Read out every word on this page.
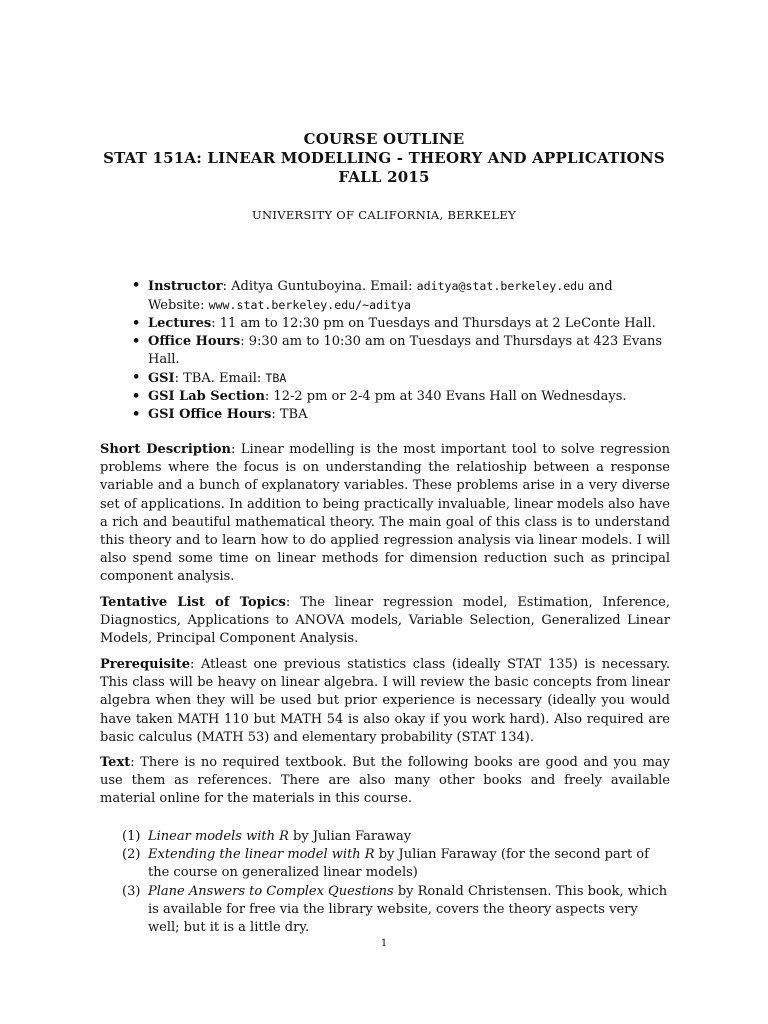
COURSE OUTLINE
STAT 151A: LINEAR MODELLING - THEORY AND APPLICATIONS
FALL 2015
UNIVERSITY OF CALIFORNIA, BERKELEY
• Instructor: Aditya Guntuboyina. Email: aditya@stat.berkeley.edu and Website: www.stat.berkeley.edu/~aditya
• Lectures: 11 am to 12:30 pm on Tuesdays and Thursdays at 2 LeConte Hall.
• Office Hours: 9:30 am to 10:30 am on Tuesdays and Thursdays at 423 Evans Hall.
• GSI: TBA. Email: TBA
• GSI Lab Section: 12-2 pm or 2-4 pm at 340 Evans Hall on Wednesdays.
• GSI Office Hours: TBA

Short Description: Linear modelling is the most important tool to solve regression problems where the focus is on understanding the relatioship between a response variable and a bunch of explanatory variables. These problems arise in a very diverse set of applications. In addition to being practically invaluable, linear models also have a rich and beautiful mathematical theory. The main goal of this class is to understand this theory and to learn how to do applied regression analysis via linear models. I will also spend some time on linear methods for dimension reduction such as principal component analysis.

Tentative List of Topics: The linear regression model, Estimation, Inference, Diagnostics, Applications to ANOVA models, Variable Selection, Generalized Linear Models, Principal Component Analysis.

Prerequisite: Atleast one previous statistics class (ideally STAT 135) is necessary. This class will be heavy on linear algebra. I will review the basic concepts from linear algebra when they will be used but prior experience is necessary (ideally you would have taken MATH 110 but MATH 54 is also okay if you work hard). Also required are basic calculus (MATH 53) and elementary probability (STAT 134).

Text: There is no required textbook. But the following books are good and you may use them as references. There are also many other books and freely available material online for the materials in this course.

(1) Linear models with R by Julian Faraway
(2) Extending the linear model with R by Julian Faraway (for the second part of the course on generalized linear models)
(3) Plane Answers to Complex Questions by Ronald Christensen. This book, which is available for free via the library website, covers the theory aspects very well; but it is a little dry.
1
